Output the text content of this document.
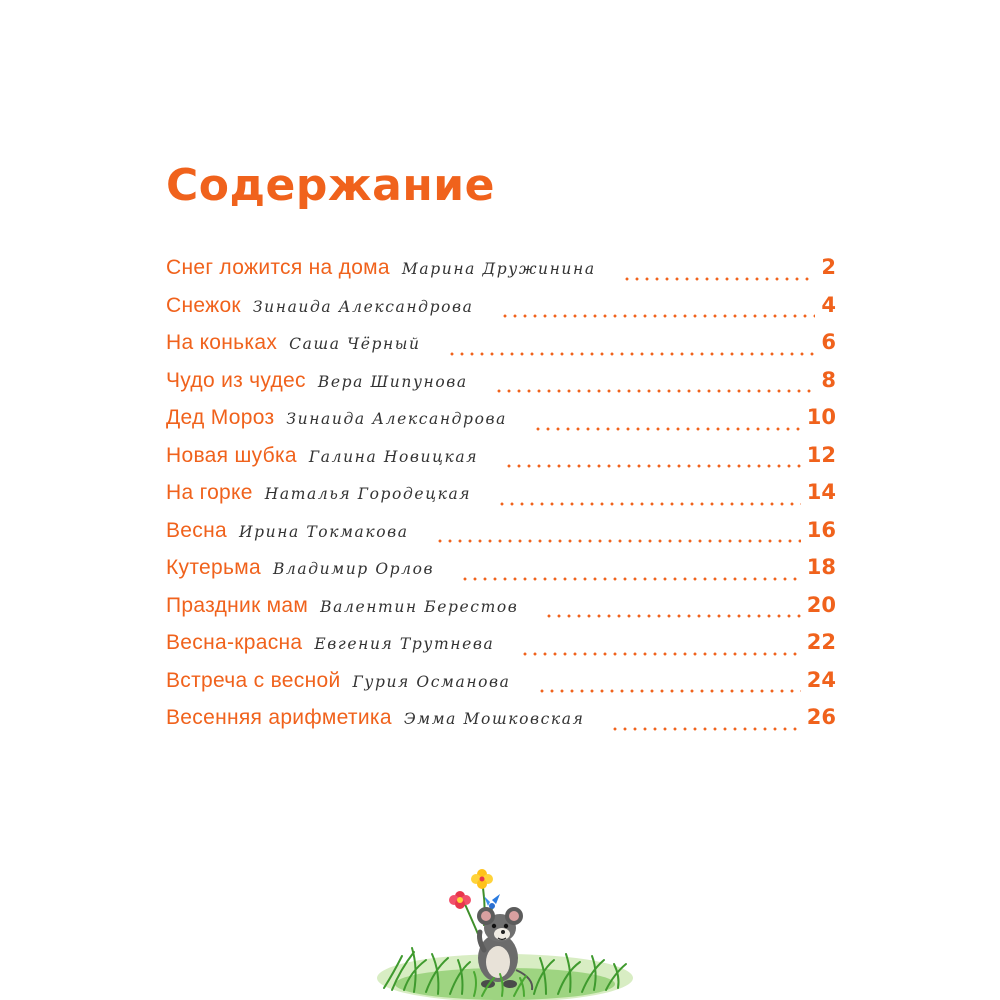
Содержание
Снег ложится на дома Марина Дружинина	2
Снежок Зинаида Александрова	4
На коньках Саша Чёрный	6
Чудо из чудес Вера Шипунова	8
Дед Мороз Зинаида Александрова	10
Новая шубка Галина Новицкая	12
На горке Наталья Городецкая	14
Весна Ирина Токмакова	16
Кутерьма Владимир Орлов	18
Праздник мам Валентин Берестов	20
Весна-красна Евгения Трутнева	22
Встреча с весной Гурия Османова	24
Весенняя арифметика Эмма Мошковская	26
